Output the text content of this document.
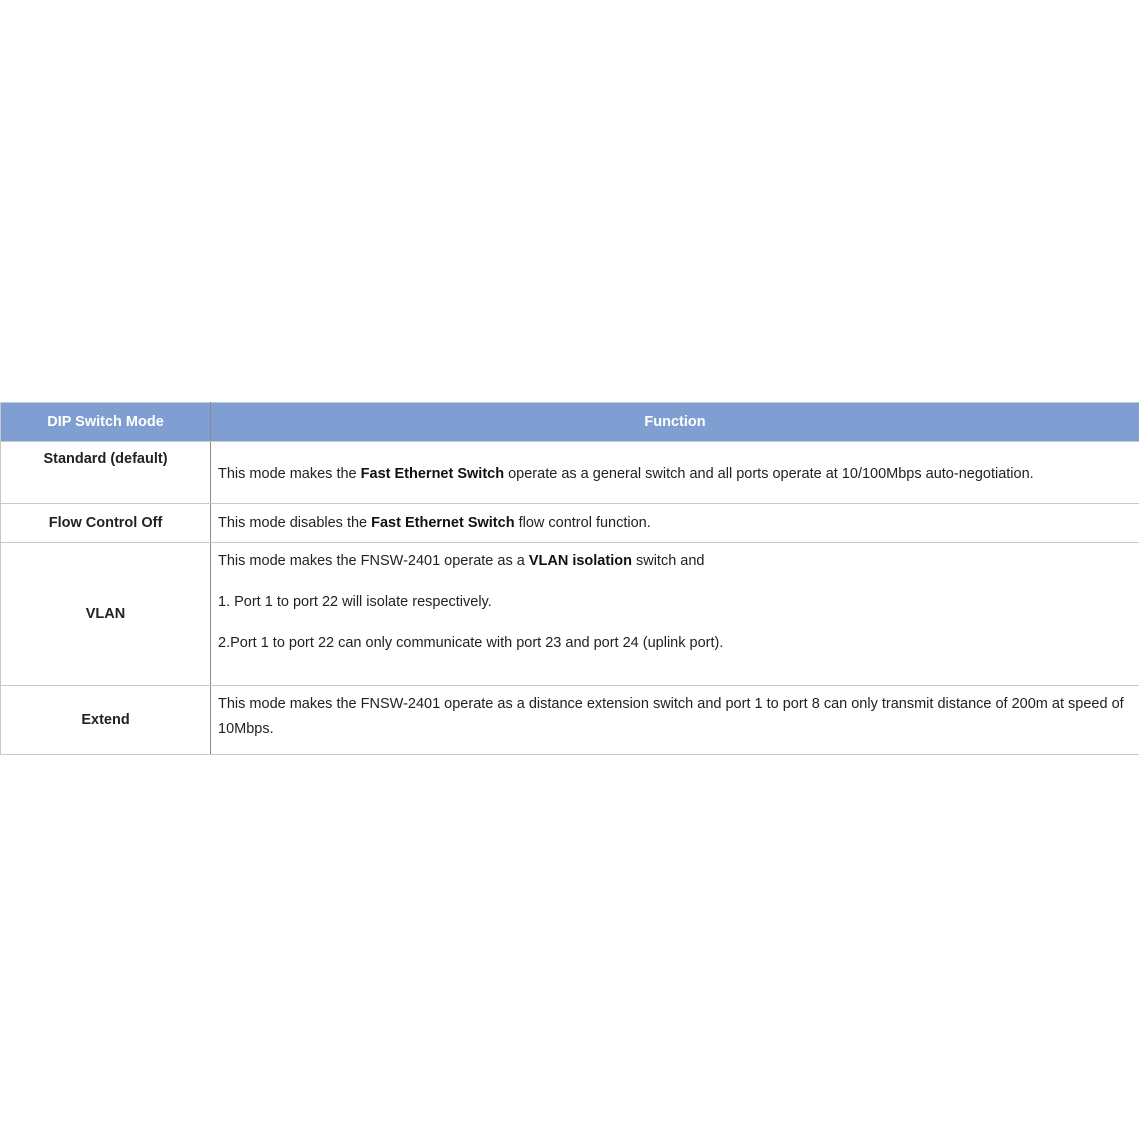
DIP Switch Mode	Function
Standard (default)	This mode makes the Fast Ethernet Switch operate as a general switch and all ports operate at 10/100Mbps auto-negotiation.
Flow Control Off	This mode disables the Fast Ethernet Switch flow control function.
VLAN	This mode makes the FNSW-2401 operate as a VLAN isolation switch and

1. Port 1 to port 22 will isolate respectively.

2.Port 1 to port 22 can only communicate with port 23 and port 24 (uplink port).

Extend	This mode makes the FNSW-2401 operate as a distance extension switch and port 1 to port 8 can only transmit distance of 200m at speed of 10Mbps.
